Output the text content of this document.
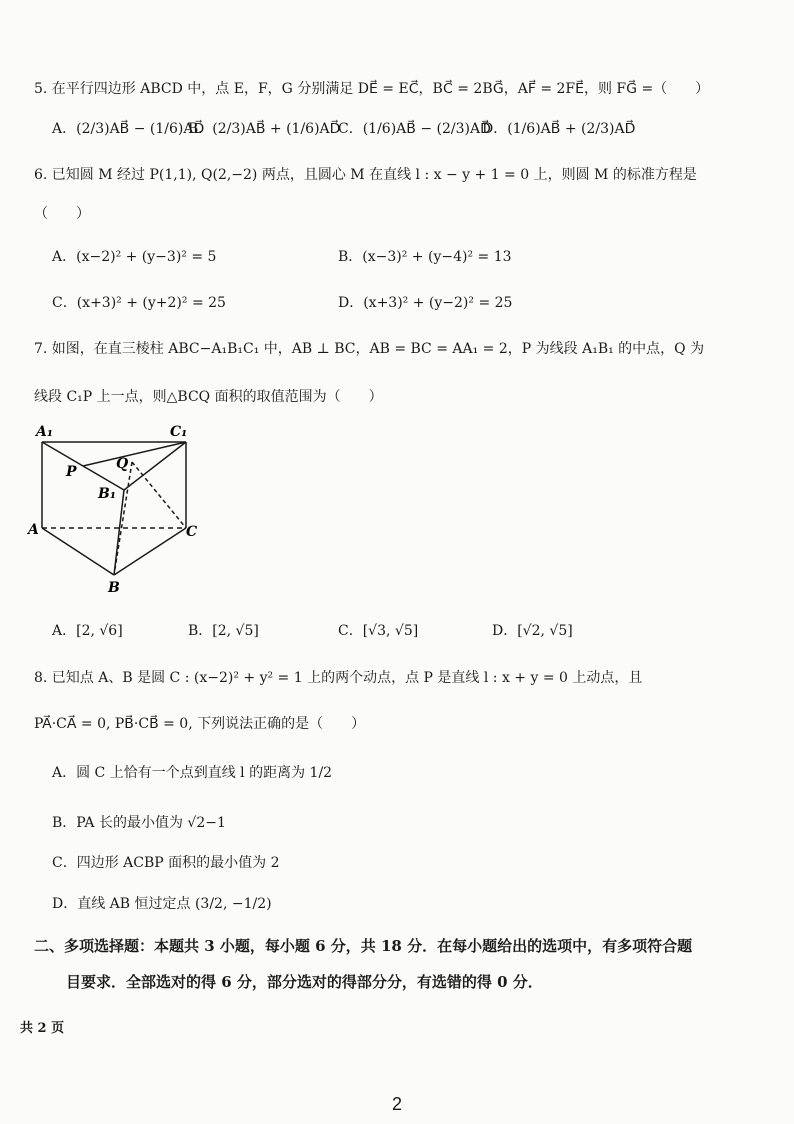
5. 在平行四边形 ABCD 中，点 E，F，G 分别满足 DE⃗ = EC⃗，BC⃗ = 2BG⃗，AF⃗ = 2FE⃗，则 FG⃗ =（　　）
A．(2/3)AB⃗ − (1/6)AD⃗
B．(2/3)AB⃗ + (1/6)AD⃗
C．(1/6)AB⃗ − (2/3)AD⃗
D．(1/6)AB⃗ + (2/3)AD⃗
6. 已知圆 M 经过 P(1,1), Q(2,−2) 两点，且圆心 M 在直线 l : x − y + 1 = 0 上，则圆 M 的标准方程是
（　　）
A．(x−2)² + (y−3)² = 5	B．(x−3)² + (y−4)² = 13
C．(x+3)² + (y+2)² = 25	D．(x+3)² + (y−2)² = 25
7. 如图，在直三棱柱 ABC−A₁B₁C₁ 中，AB ⊥ BC，AB = BC = AA₁ = 2，P 为线段 A₁B₁ 的中点，Q 为
线段 C₁P 上一点，则△BCQ 面积的取值范围为（　　）
A₁	C₁
P	Q
B₁
A	C
B
A．[2, √6]	B．[2, √5]	C．[√3, √5]	D．[√2, √5]
8. 已知点 A、B 是圆 C : (x−2)² + y² = 1 上的两个动点，点 P 是直线 l : x + y = 0 上动点，且
PA⃗·CA⃗ = 0, PB⃗·CB⃗ = 0, 下列说法正确的是（　　）
A．圆 C 上恰有一个点到直线 l 的距离为 1/2
B．PA 长的最小值为 √2−1
C．四边形 ACBP 面积的最小值为 2
D．直线 AB 恒过定点 (3/2, −1/2)
二、多项选择题：本题共 3 小题，每小题 6 分，共 18 分．在每小题给出的选项中，有多项符合题
目要求．全部选对的得 6 分，部分选对的得部分分，有选错的得 0 分．
共 2 页
2
